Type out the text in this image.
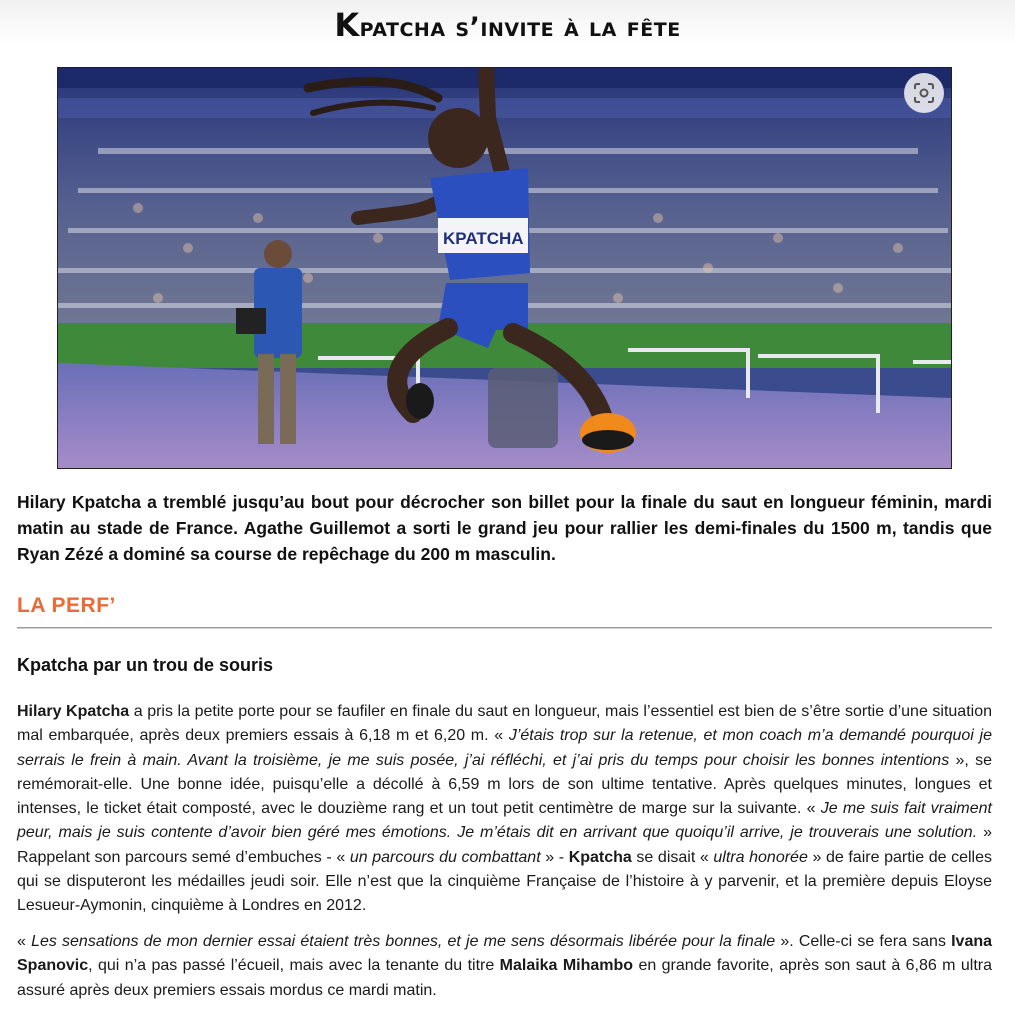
Kpatcha s’invite à la fête
KPATCHA

Hilary Kpatcha a tremblé jusqu’au bout pour décrocher son billet pour la finale du saut en longueur féminin, mardi matin au stade de France. Agathe Guillemot a sorti le grand jeu pour rallier les demi-finales du 1500 m, tandis que Ryan Zézé a dominé sa course de repêchage du 200 m masculin.

LA PERF’
Kpatcha par un trou de souris

Hilary Kpatcha a pris la petite porte pour se faufiler en finale du saut en longueur, mais l’essentiel est bien de s’être sortie d’une situation mal embarquée, après deux premiers essais à 6,18 m et 6,20 m. « J’étais trop sur la retenue, et mon coach m’a demandé pourquoi je serrais le frein à main. Avant la troisième, je me suis posée, j’ai réfléchi, et j’ai pris du temps pour choisir les bonnes intentions », se remémorait-elle. Une bonne idée, puisqu’elle a décollé à 6,59 m lors de son ultime tentative. Après quelques minutes, longues et intenses, le ticket était composté, avec le douzième rang et un tout petit centimètre de marge sur la suivante. « Je me suis fait vraiment peur, mais je suis contente d’avoir bien géré mes émotions. Je m’étais dit en arrivant que quoiqu’il arrive, je trouverais une solution. » Rappelant son parcours semé d’embuches - « un parcours du combattant » - Kpatcha se disait « ultra honorée » de faire partie de celles qui se disputeront les médailles jeudi soir. Elle n’est que la cinquième Française de l’histoire à y parvenir, et la première depuis Eloyse Lesueur-Aymonin, cinquième à Londres en 2012.

« Les sensations de mon dernier essai étaient très bonnes, et je me sens désormais libérée pour la finale ». Celle-ci se fera sans Ivana Spanovic, qui n’a pas passé l’écueil, mais avec la tenante du titre Malaika Mihambo en grande favorite, après son saut à 6,86 m ultra assuré après deux premiers essais mordus ce mardi matin.
